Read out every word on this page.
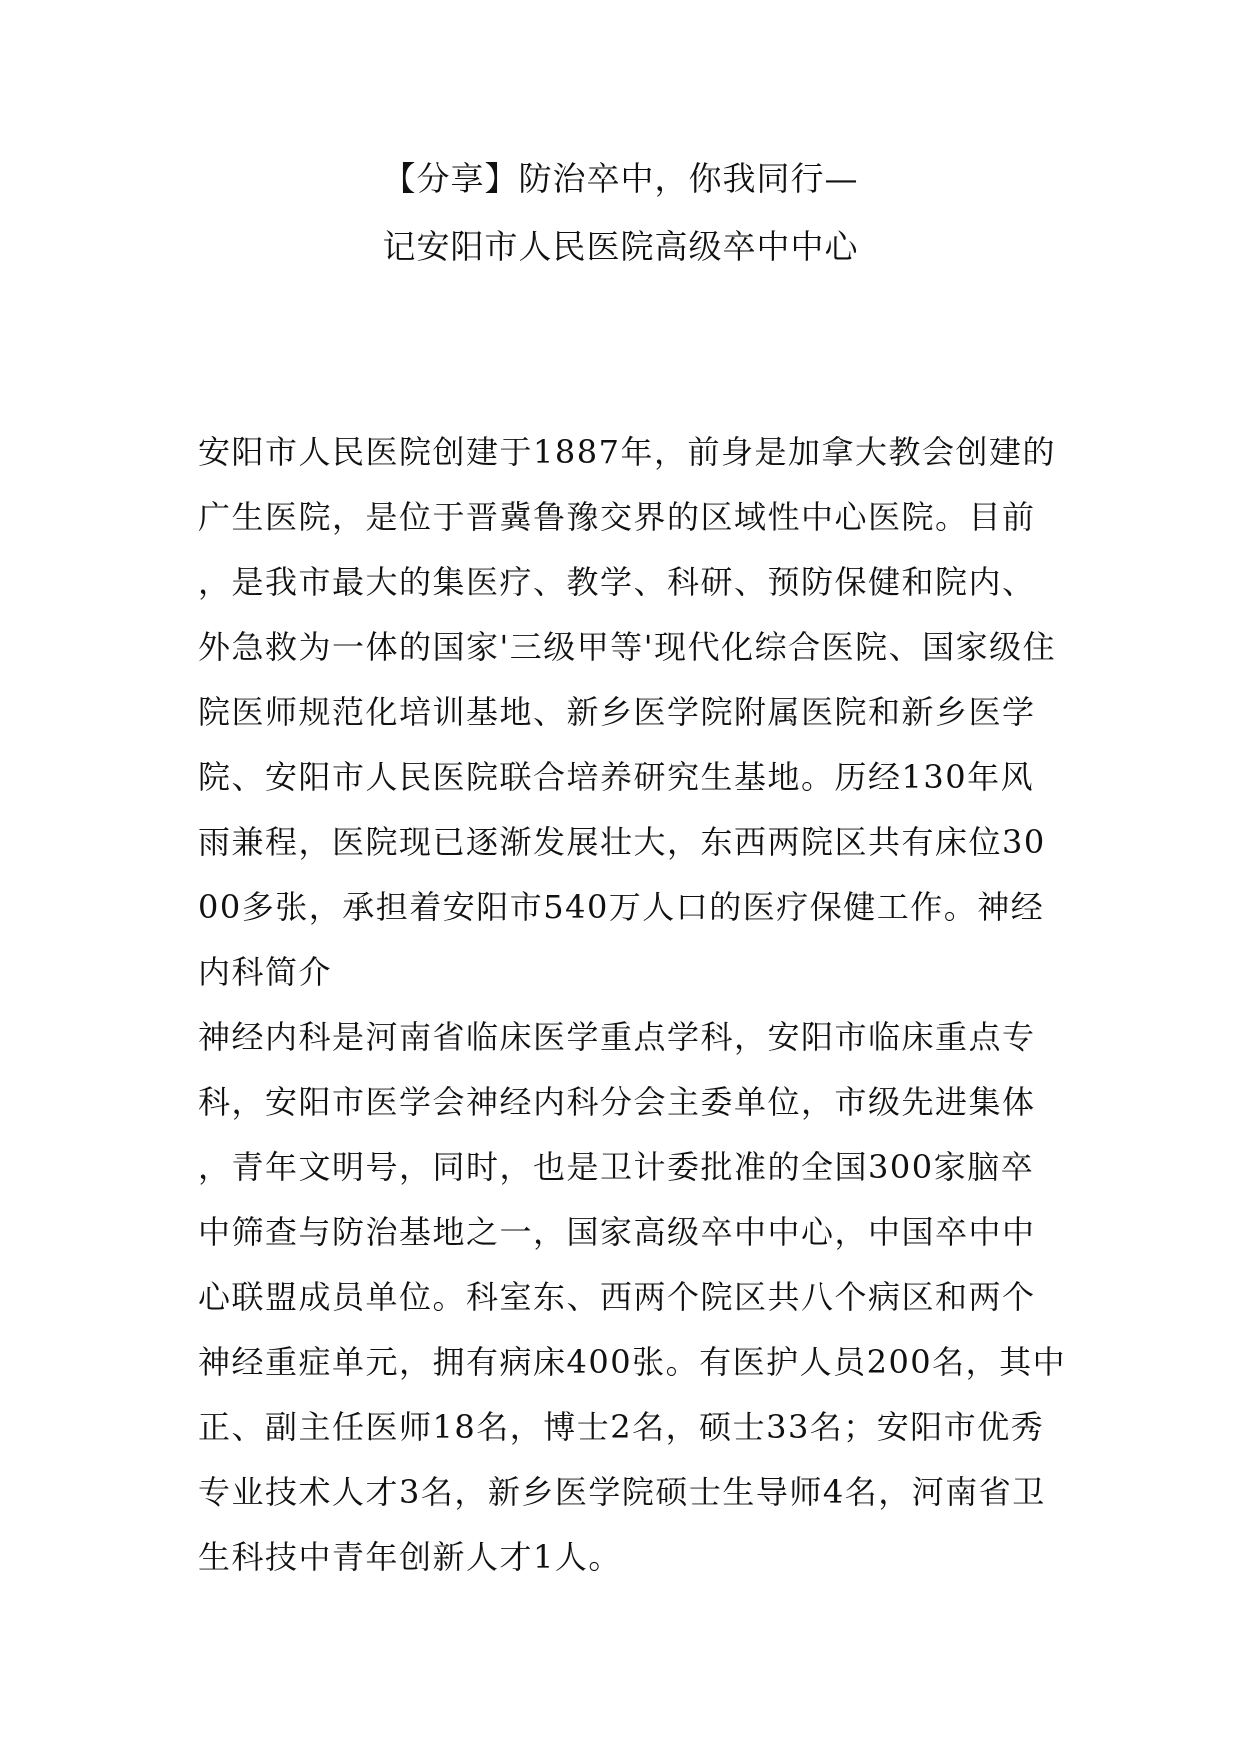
【分享】防治卒中，你我同行—
记安阳市人民医院高级卒中中心
安阳市人民医院创建于1887年，前身是加拿大教会创建的
广生医院，是位于晋冀鲁豫交界的区域性中心医院。目前
，是我市最大的集医疗、教学、科研、预防保健和院内、
外急救为一体的国家'三级甲等'现代化综合医院、国家级住
院医师规范化培训基地、新乡医学院附属医院和新乡医学
院、安阳市人民医院联合培养研究生基地。历经130年风
雨兼程，医院现已逐渐发展壮大，东西两院区共有床位30
00多张，承担着安阳市540万人口的医疗保健工作。神经
内科简介
神经内科是河南省临床医学重点学科，安阳市临床重点专
科，安阳市医学会神经内科分会主委单位，市级先进集体
，青年文明号，同时，也是卫计委批准的全国300家脑卒
中筛查与防治基地之一，国家高级卒中中心，中国卒中中
心联盟成员单位。科室东、西两个院区共八个病区和两个
神经重症单元，拥有病床400张。有医护人员200名，其中
正、副主任医师18名，博士2名，硕士33名；安阳市优秀
专业技术人才3名，新乡医学院硕士生导师4名，河南省卫
生科技中青年创新人才1人。
